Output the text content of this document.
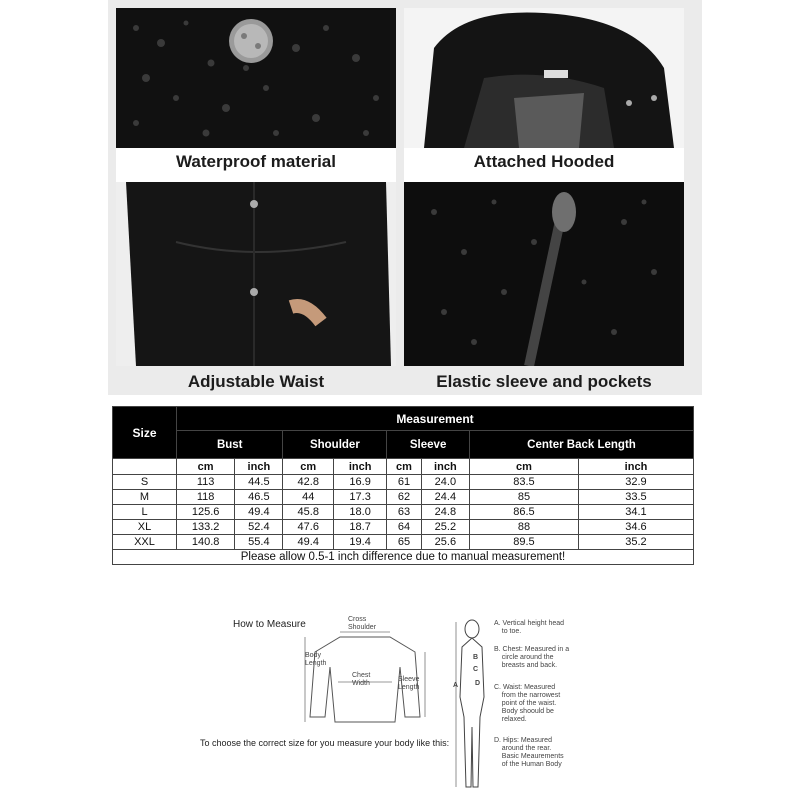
Waterproof material	Attached Hooded
Adjustable Waist	Elastic sleeve and pockets
Size	Measurement							
	Bust		Shoulder		Sleeve		Center Back Length	
	cm	inch	cm	inch	cm	inch	cm	inch
S	113	44.5	42.8	16.9	61	24.0	83.5	32.9
M	118	46.5	44	17.3	62	24.4	85	33.5
L	125.6	49.4	45.8	18.0	63	24.8	86.5	34.1
XL	133.2	52.4	47.6	18.7	64	25.2	88	34.6
XXL	140.8	55.4	49.4	19.4	65	25.6	89.5	35.2
Please allow 0.5-1 inch difference due to manual measurement!								
How to Measure	Cross
Shoulder
Body
Length
Chest
Width
Sleeve
Length	A
B
C
D
A. Vertical height head
to toe.
B. Chest: Measured in a
circle around the
breasts and back.
C. Waist: Measured
from the narrowest
point of the waist.
Body shoould be
relaxed.
D. Hips: Measured
around the rear.
Basic Meaurements
of the Human Body
To choose the correct size for you measure your body like this:
